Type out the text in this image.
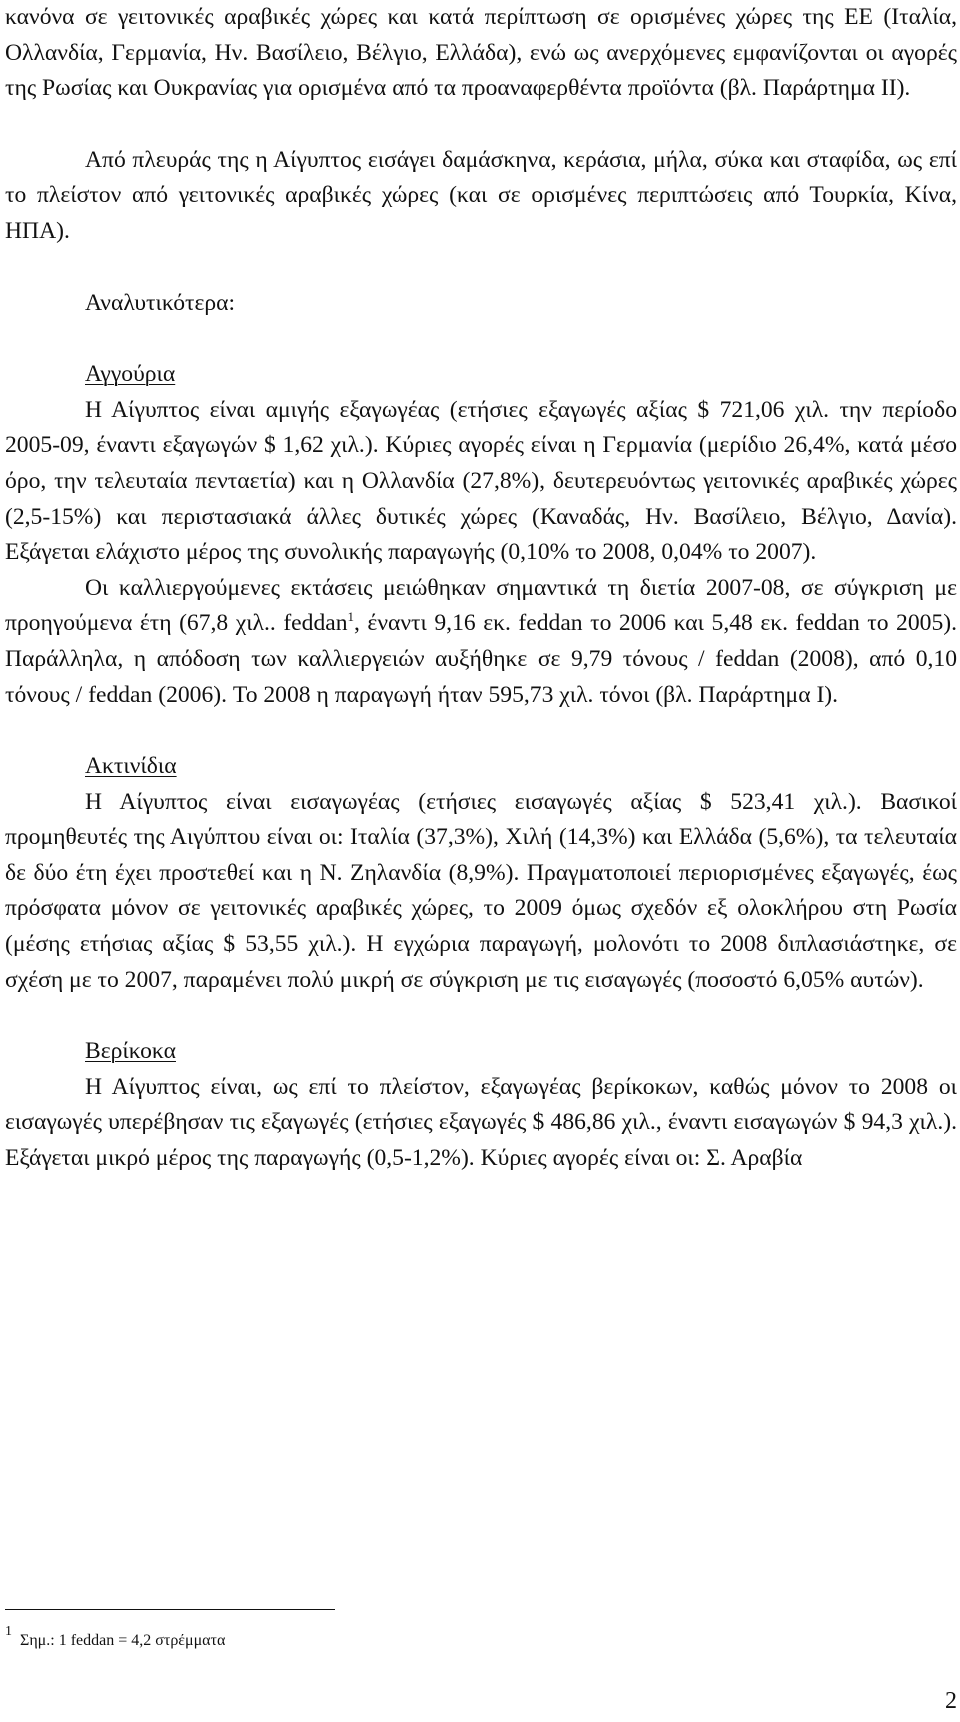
κανόνα σε γειτονικές αραβικές χώρες και κατά περίπτωση σε ορισμένες χώρες της ΕΕ (Ιταλία, Ολλανδία, Γερμανία, Ην. Βασίλειο, Βέλγιο, Ελλάδα), ενώ ως ανερχόμενες εμφανίζονται οι αγορές της Ρωσίας και Ουκρανίας για ορισμένα από τα προαναφερθέντα προϊόντα (βλ. Παράρτημα ΙΙ).

Από πλευράς της η Αίγυπτος εισάγει δαμάσκηνα, κεράσια, μήλα, σύκα και σταφίδα, ως επί το πλείστον από γειτονικές αραβικές χώρες (και σε ορισμένες περιπτώσεις από Τουρκία, Κίνα, ΗΠΑ).

Αναλυτικότερα:

Αγγούρια

Η Αίγυπτος είναι αμιγής εξαγωγέας (ετήσιες εξαγωγές αξίας $ 721,06 χιλ. την περίοδο 2005-09, έναντι εξαγωγών $ 1,62 χιλ.). Κύριες αγορές είναι η Γερμανία (μερίδιο 26,4%, κατά μέσο όρο, την τελευταία πενταετία) και η Ολλανδία (27,8%), δευτερευόντως γειτονικές αραβικές χώρες (2,5-15%) και περιστασιακά άλλες δυτικές χώρες (Καναδάς, Ην. Βασίλειο, Βέλγιο, Δανία). Εξάγεται ελάχιστο μέρος της συνολικής παραγωγής (0,10% το 2008, 0,04% το 2007).

Οι καλλιεργούμενες εκτάσεις μειώθηκαν σημαντικά τη διετία 2007-08, σε σύγκριση με προηγούμενα έτη (67,8 χιλ.. feddan$^1$, έναντι 9,16 εκ. feddan το 2006 και 5,48 εκ. feddan το 2005). Παράλληλα, η απόδοση των καλλιεργειών αυξήθηκε σε 9,79 τόνους / feddan (2008), από 0,10 τόνους / feddan (2006). Το 2008 η παραγωγή ήταν 595,73 χιλ. τόνοι (βλ. Παράρτημα Ι).

Ακτινίδια

Η Αίγυπτος είναι εισαγωγέας (ετήσιες εισαγωγές αξίας $ 523,41 χιλ.). Βασικοί προμηθευτές της Αιγύπτου είναι οι: Ιταλία (37,3%), Χιλή (14,3%) και Ελλάδα (5,6%), τα τελευταία δε δύο έτη έχει προστεθεί και η Ν. Ζηλανδία (8,9%). Πραγματοποιεί περιορισμένες εξαγωγές, έως πρόσφατα μόνον σε γειτονικές αραβικές χώρες, το 2009 όμως σχεδόν εξ ολοκλήρου στη Ρωσία (μέσης ετήσιας αξίας $ 53,55 χιλ.). Η εγχώρια παραγωγή, μολονότι το 2008 διπλασιάστηκε, σε σχέση με το 2007, παραμένει πολύ μικρή σε σύγκριση με τις εισαγωγές (ποσοστό 6,05% αυτών).

Βερίκοκα

Η Αίγυπτος είναι, ως επί το πλείστον, εξαγωγέας βερίκοκων, καθώς μόνον το 2008 οι εισαγωγές υπερέβησαν τις εξαγωγές (ετήσιες εξαγωγές $ 486,86 χιλ., έναντι εισαγωγών $ 94,3 χιλ.). Εξάγεται μικρό μέρος της παραγωγής (0,5-1,2%). Κύριες αγορές είναι οι: Σ. Αραβία

1Σημ.: 1 feddan = 4,2 στρέμματα
2
